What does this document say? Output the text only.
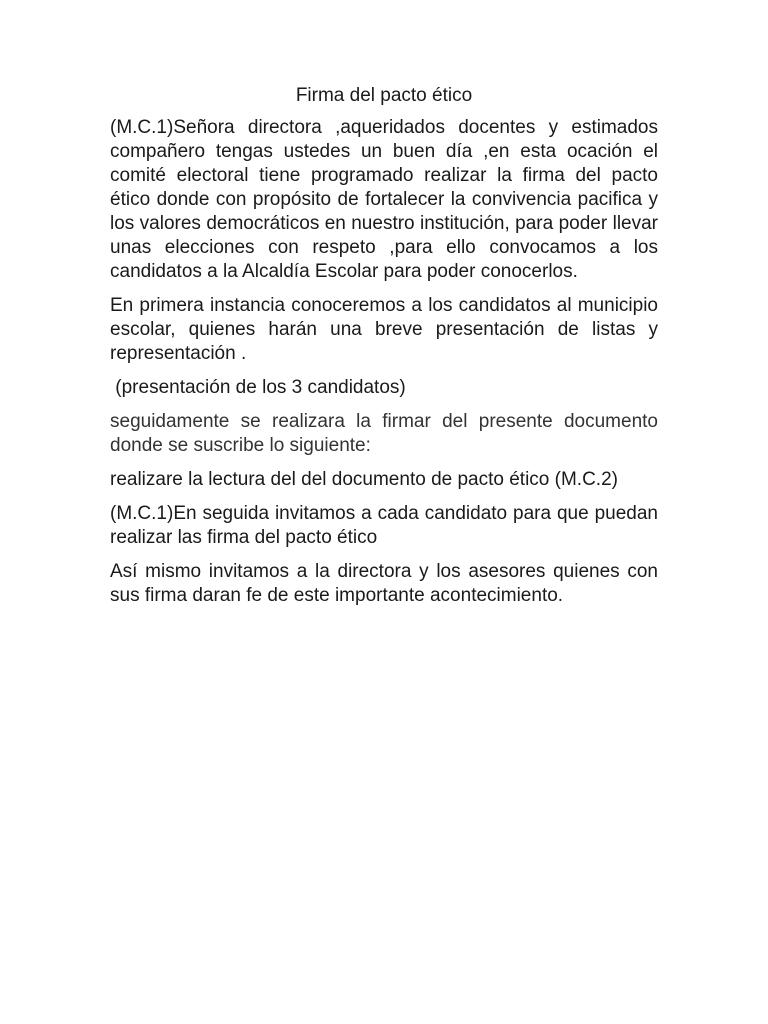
Firma del pacto ético

(M.C.1)Señora directora ,aqueridados docentes y estimados compañero tengas ustedes un buen día ,en esta ocación el comité electoral tiene programado realizar la firma del pacto ético donde con propósito de fortalecer la convivencia pacifica y los valores democráticos en nuestro institución, para poder llevar unas elecciones con respeto ,para ello convocamos a los candidatos a la Alcaldía Escolar para poder conocerlos.

En primera instancia conoceremos a los candidatos al municipio escolar, quienes harán una breve presentación de listas y representación .

(presentación de los 3 candidatos)

seguidamente se realizara la firmar del presente documento donde se suscribe lo siguiente:

realizare la lectura del del documento de pacto ético (M.C.2)

(M.C.1)En seguida invitamos a cada candidato para que puedan realizar las firma del pacto ético

Así mismo invitamos a la directora y los asesores quienes con sus firma daran fe de este importante acontecimiento.
